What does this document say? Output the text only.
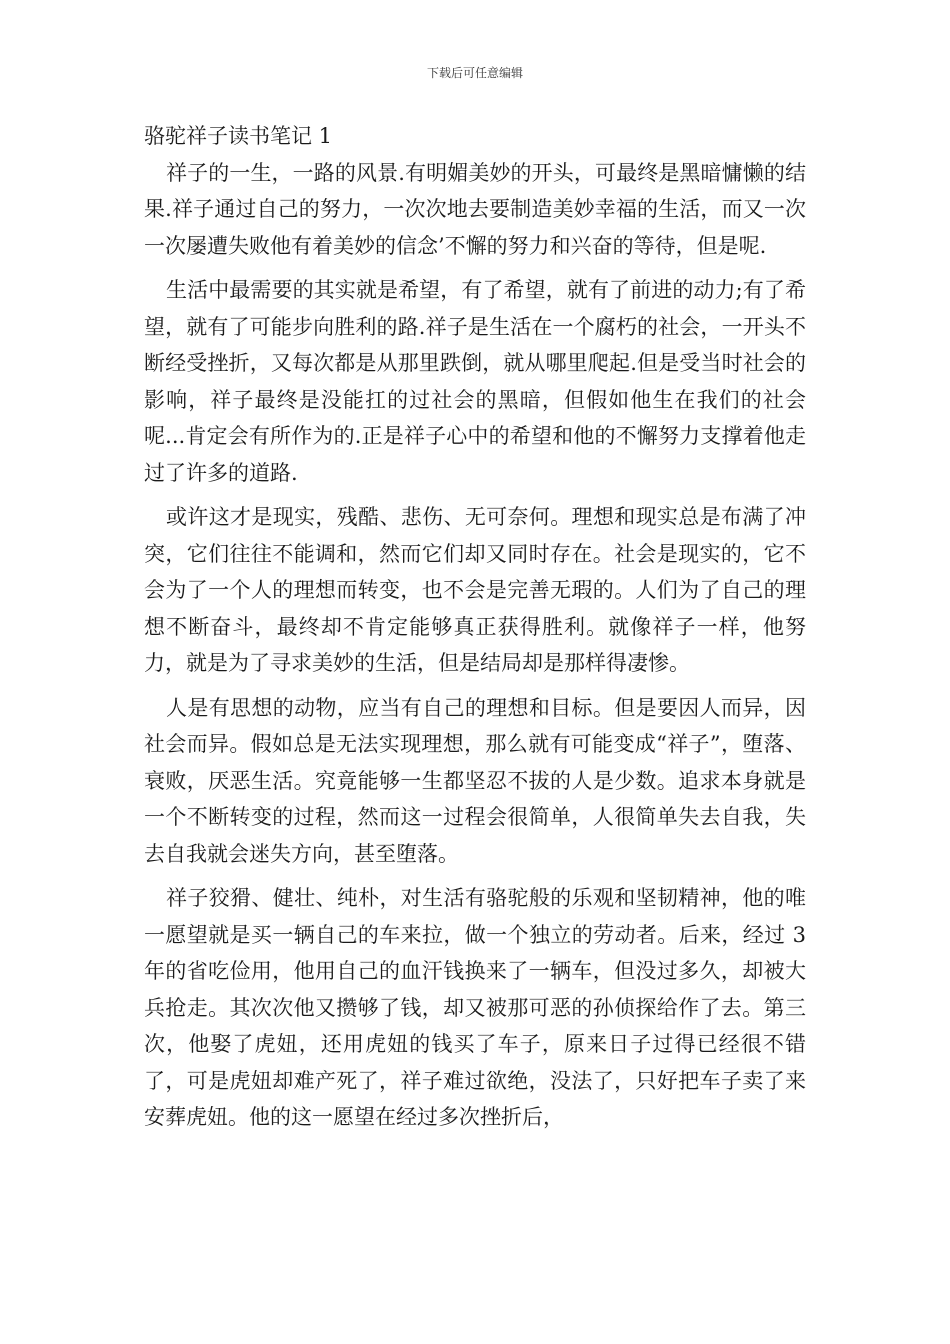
下载后可任意编辑

骆驼祥子读书笔记 1

祥子的一生，一路的风景.有明媚美妙的开头，可最终是黑暗慵懒的结果.祥子通过自己的努力，一次次地去要制造美妙幸福的生活，而又一次一次屡遭失败他有着美妙的信念’不懈的努力和兴奋的等待，但是呢.

生活中最需要的其实就是希望，有了希望，就有了前进的动力;有了希望，就有了可能步向胜利的路.祥子是生活在一个腐朽的社会，一开头不断经受挫折，又每次都是从那里跌倒，就从哪里爬起.但是受当时社会的影响，祥子最终是没能扛的过社会的黑暗，但假如他生在我们的社会呢...肯定会有所作为的.正是祥子心中的希望和他的不懈努力支撑着他走过了许多的道路.

或许这才是现实，残酷、悲伤、无可奈何。理想和现实总是布满了冲突，它们往往不能调和，然而它们却又同时存在。社会是现实的，它不会为了一个人的理想而转变，也不会是完善无瑕的。人们为了自己的理想不断奋斗，最终却不肯定能够真正获得胜利。就像祥子一样，他努力，就是为了寻求美妙的生活，但是结局却是那样得凄惨。

人是有思想的动物，应当有自己的理想和目标。但是要因人而异，因社会而异。假如总是无法实现理想，那么就有可能变成“祥子”，堕落、衰败，厌恶生活。究竟能够一生都坚忍不拔的人是少数。追求本身就是一个不断转变的过程，然而这一过程会很简单，人很简单失去自我，失去自我就会迷失方向，甚至堕落。

祥子狡猾、健壮、纯朴，对生活有骆驼般的乐观和坚韧精神，他的唯一愿望就是买一辆自己的车来拉，做一个独立的劳动者。后来，经过 3 年的省吃俭用，他用自己的血汗钱换来了一辆车，但没过多久，却被大兵抢走。其次次他又攒够了钱，却又被那可恶的孙侦探给作了去。第三次，他娶了虎妞，还用虎妞的钱买了车子，原来日子过得已经很不错了，可是虎妞却难产死了，祥子难过欲绝，没法了，只好把车子卖了来安葬虎妞。他的这一愿望在经过多次挫折后，
